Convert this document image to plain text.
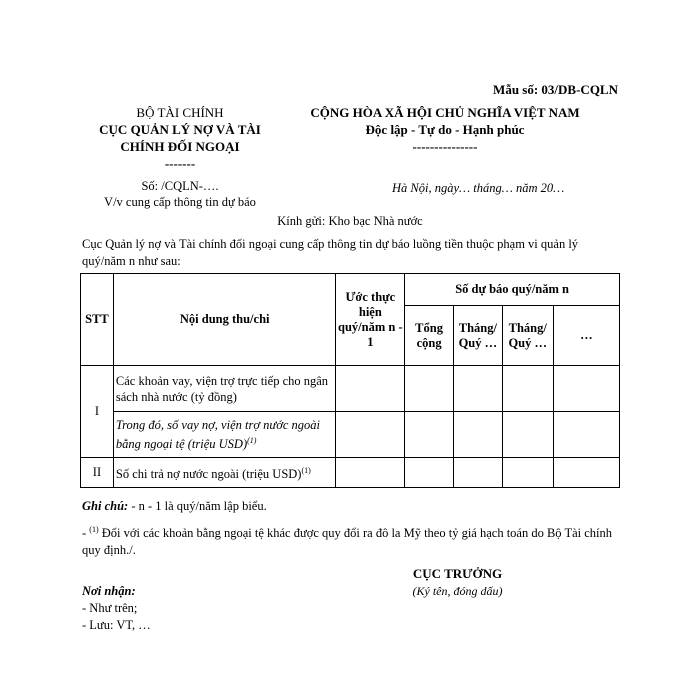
Mẫu số: 03/DB-CQLN
BỘ TÀI CHÍNH
CỤC QUẢN LÝ NỢ VÀ TÀI
CHÍNH ĐỐI NGOẠI
-------
CỘNG HÒA XÃ HỘI CHỦ NGHĨA VIỆT NAM
Độc lập - Tự do - Hạnh phúc
---------------
Số: /CQLN-….
V/v cung cấp thông tin dự báo
Hà Nội, ngày… tháng… năm 20…
Kính gửi: Kho bạc Nhà nước
Cục Quản lý nợ và Tài chính đối ngoại cung cấp thông tin dự báo luồng tiền thuộc phạm vi quản lý quý/năm n như sau:
STT	Nội dung thu/chi	Ước thực hiện quý/năm n - 1	Số dự báo quý/năm n			
			Tổng cộng	Tháng/ Quý …	Tháng/ Quý …	…
I	Các khoản vay, viện trợ trực tiếp cho ngân sách nhà nước (tỷ đồng)					
	Trong đó, số vay nợ, viện trợ nước ngoài bằng ngoại tệ (triệu USD)$^{(1)}$					
II	Số chi trả nợ nước ngoài (triệu USD)$^{(1)}$					
Ghi chú: - n - 1 là quý/năm lập biểu.
- $^{(1)}$ Đối với các khoản bằng ngoại tệ khác được quy đổi ra đô la Mỹ theo tỷ giá hạch toán do Bộ Tài chính quy định./.
CỤC TRƯỞNG
(Ký tên, đóng dấu)
Nơi nhận:
- Như trên;
- Lưu: VT, …
